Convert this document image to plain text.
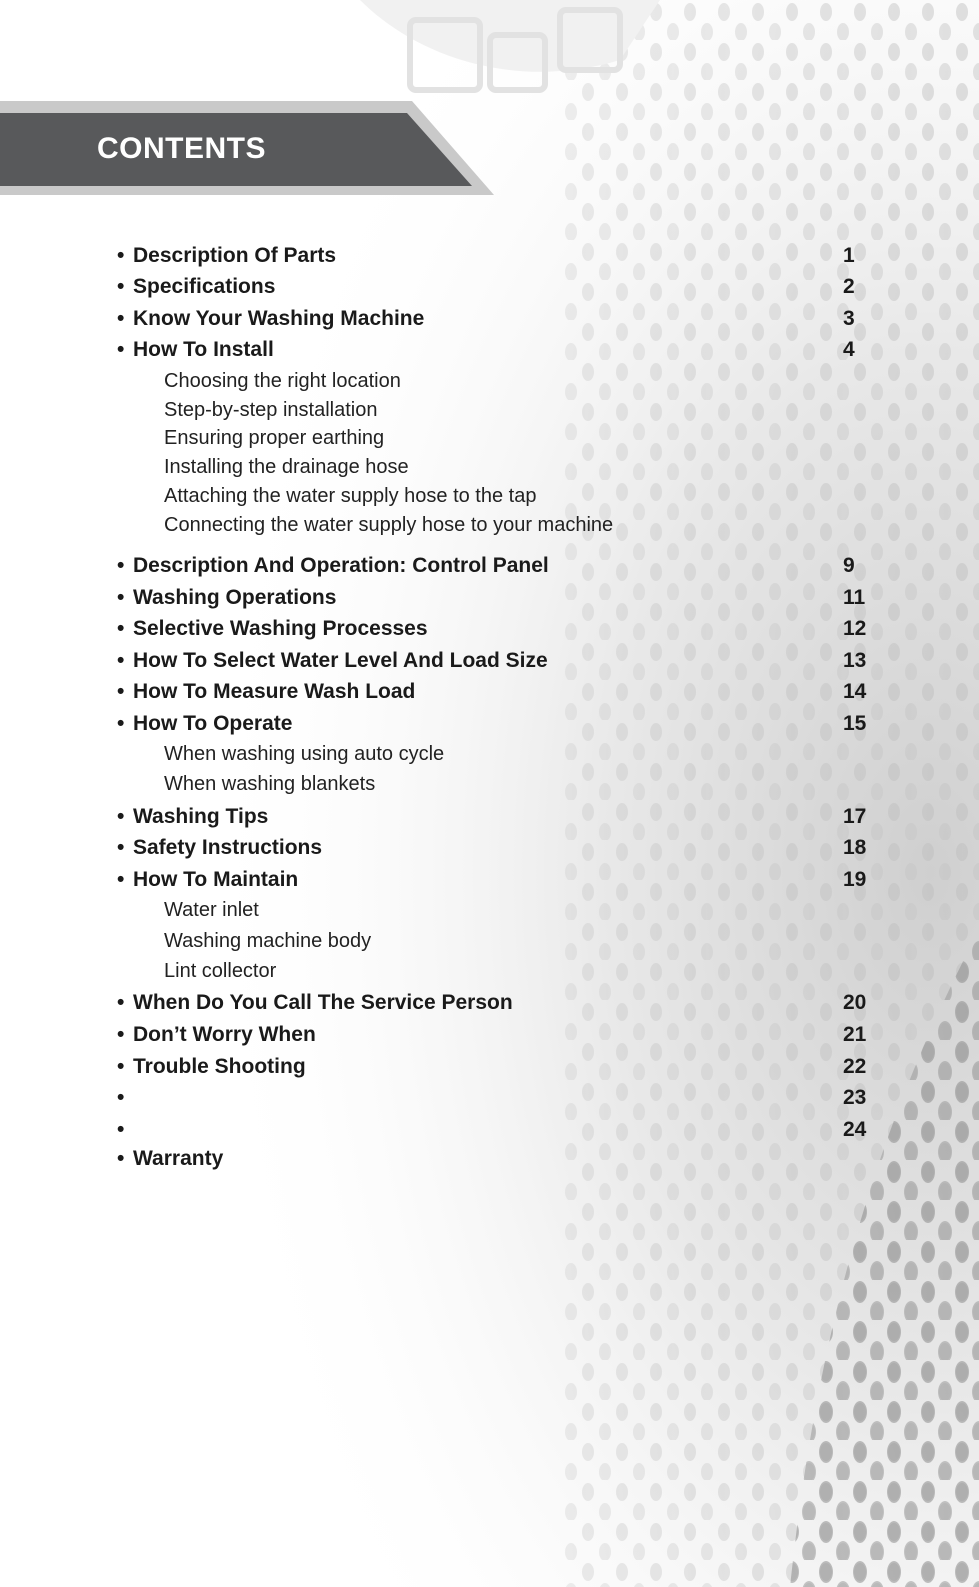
CONTENTS
• Description Of Parts	1
• Specifications	2
• Know Your Washing Machine	3
• How To Install	4
Choosing the right location
Step-by-step installation
Ensuring proper earthing
Installing the drainage hose
Attaching the water supply hose to the tap
Connecting the water supply hose to your machine
• Description And Operation: Control Panel	9
• Washing Operations	11
• Selective Washing Processes	12
• How To Select Water Level And Load Size	13
• How To Measure Wash Load	14
• How To Operate	15
When washing using auto cycle
When washing blankets
• Washing Tips	17
• Safety Instructions	18
• How To Maintain	19
Water inlet
Washing machine body
Lint collector
• When Do You Call The Service Person	20
• Don’t Worry When	21
• Trouble Shooting	22
•	23
•	24
• Warranty
